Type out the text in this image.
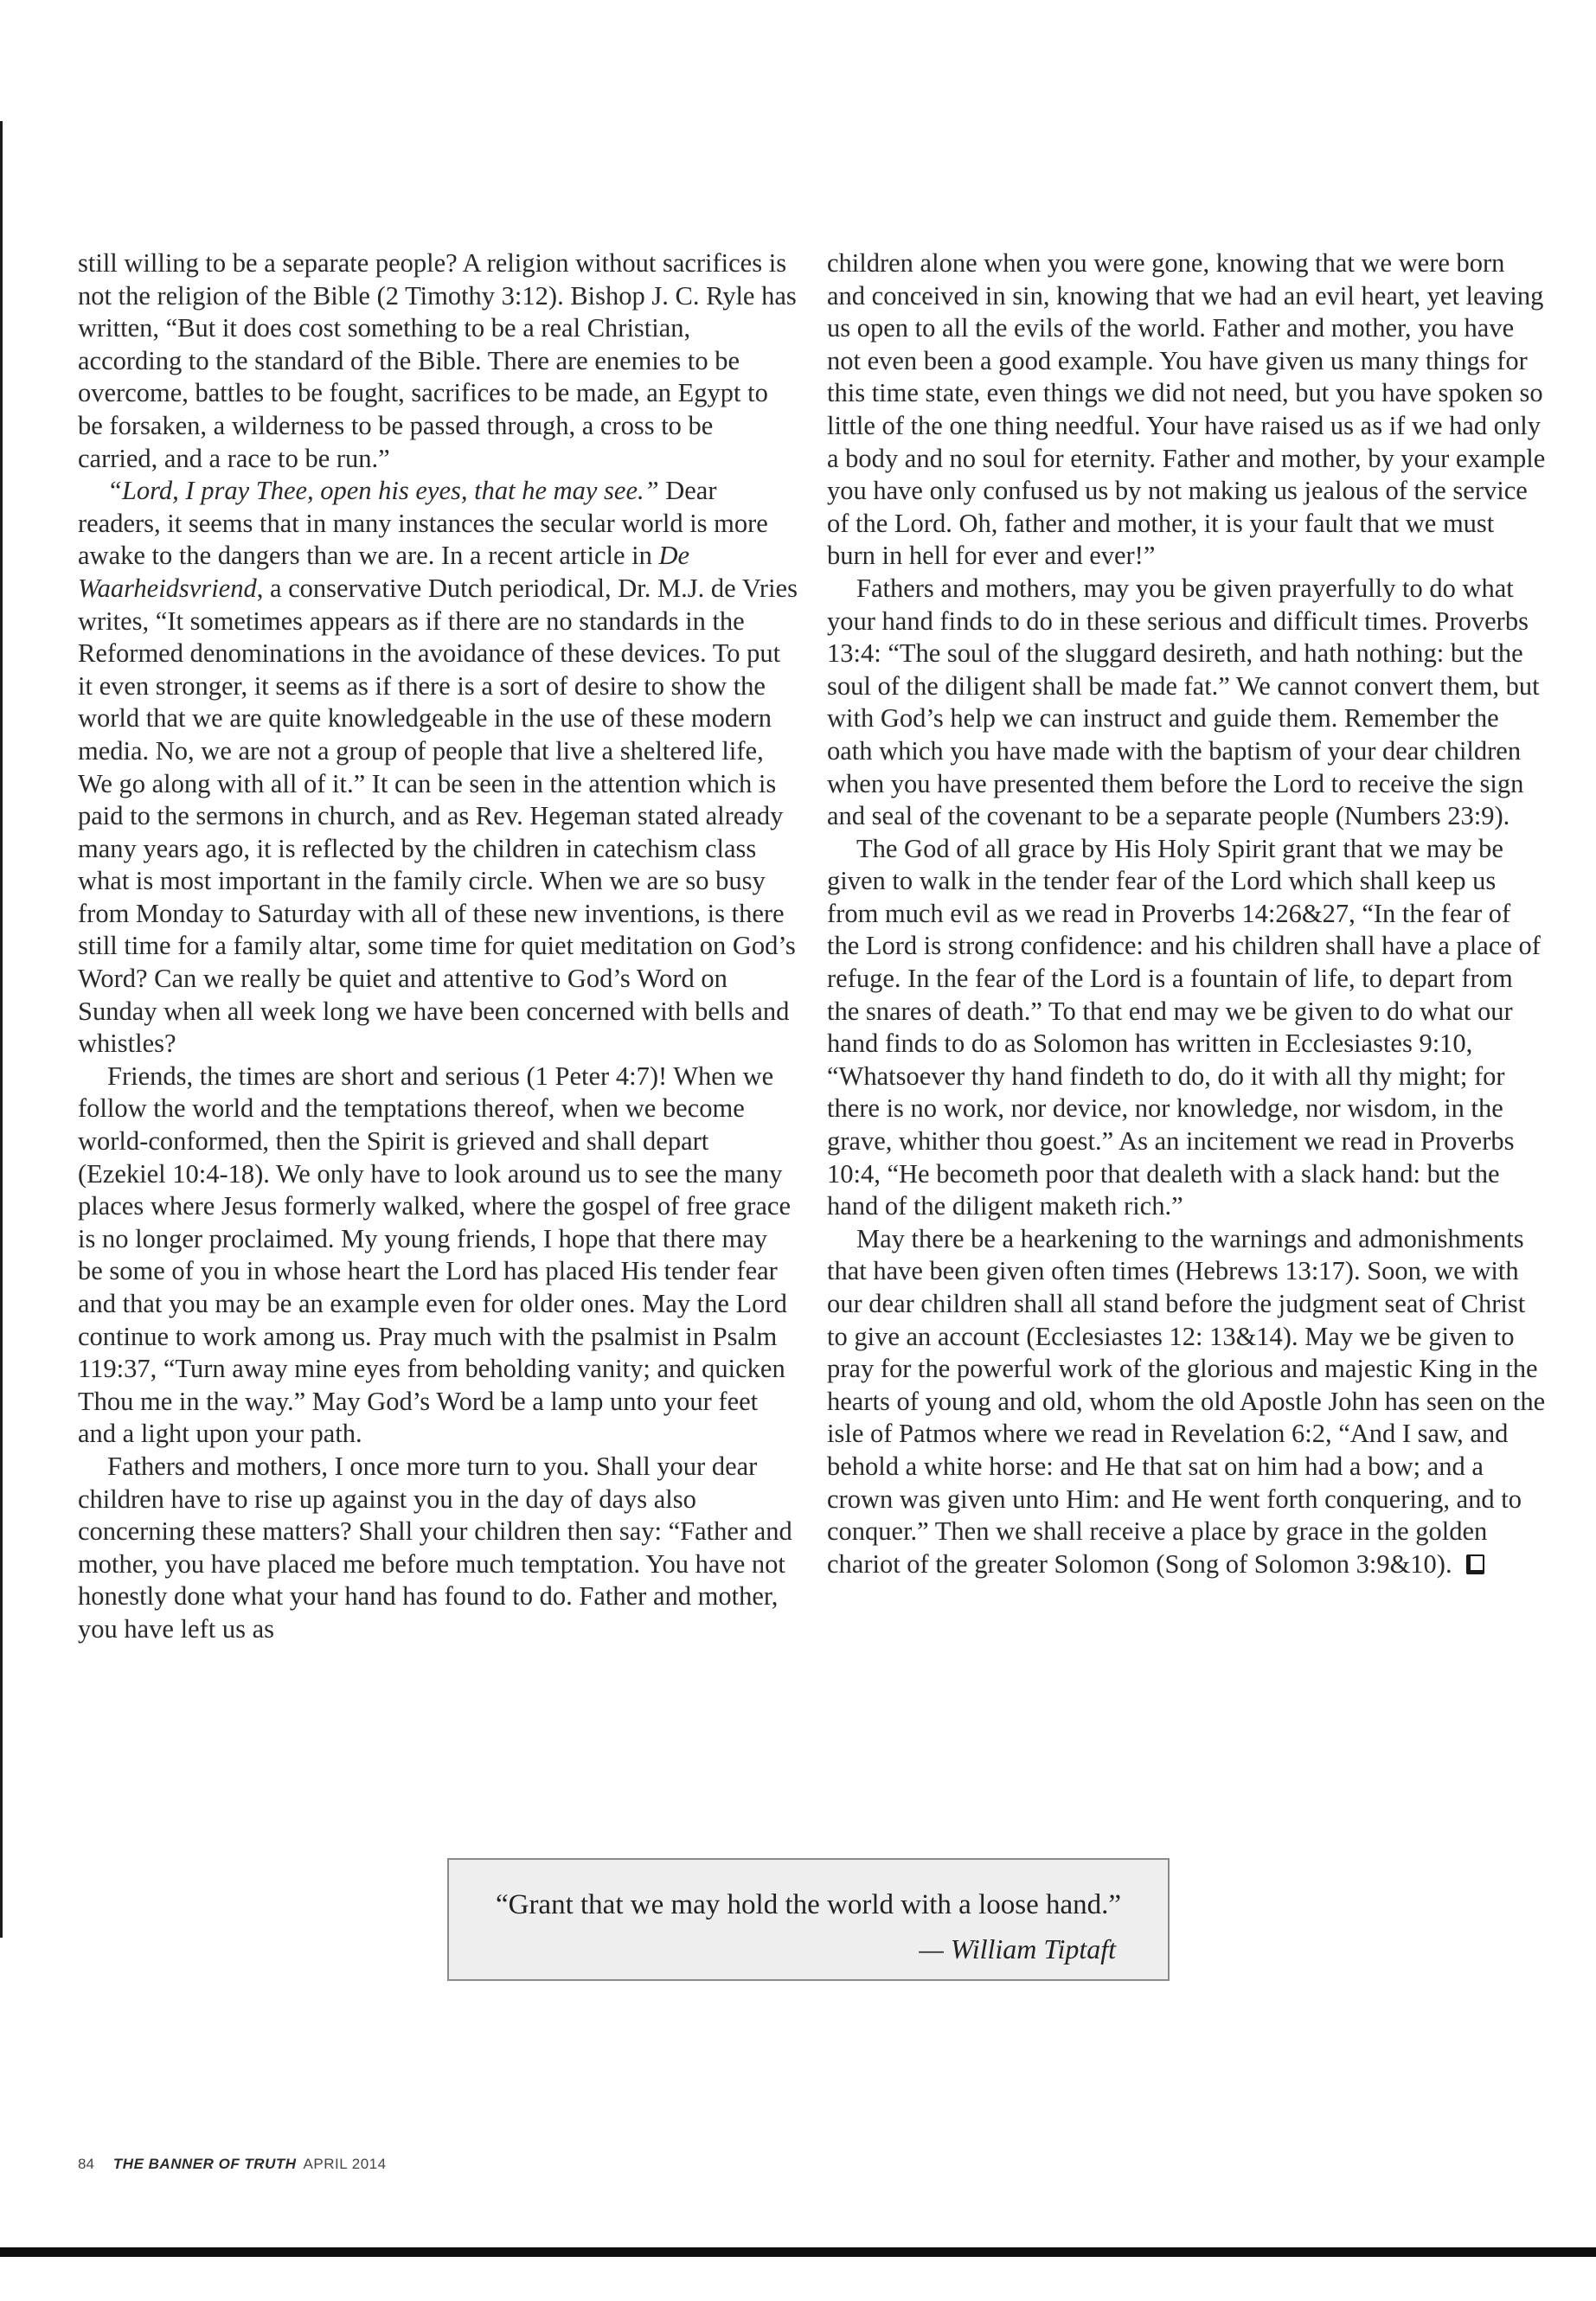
still willing to be a separate people? A religion without sacrifices is not the religion of the Bible (2 Timothy 3:12). Bishop J. C. Ryle has written, “But it does cost something to be a real Christian, according to the standard of the Bible. There are enemies to be overcome, battles to be fought, sacrifices to be made, an Egypt to be forsaken, a wilderness to be passed through, a cross to be carried, and a race to be run.”

“Lord, I pray Thee, open his eyes, that he may see.” Dear readers, it seems that in many instances the secular world is more awake to the dangers than we are. In a recent article in De Waarheidsvriend, a conservative Dutch periodical, Dr. M.J. de Vries writes, “It sometimes appears as if there are no standards in the Reformed denominations in the avoidance of these devices. To put it even stronger, it seems as if there is a sort of desire to show the world that we are quite knowledgeable in the use of these modern media. No, we are not a group of people that live a sheltered life, We go along with all of it.” It can be seen in the attention which is paid to the sermons in church, and as Rev. Hegeman stated already many years ago, it is reflected by the children in catechism class what is most important in the family circle. When we are so busy from Monday to Saturday with all of these new inventions, is there still time for a family altar, some time for quiet meditation on God’s Word? Can we really be quiet and attentive to God’s Word on Sunday when all week long we have been concerned with bells and whistles?

Friends, the times are short and serious (1 Peter 4:7)! When we follow the world and the temptations thereof, when we become world-conformed, then the Spirit is grieved and shall depart (Ezekiel 10:4-18). We only have to look around us to see the many places where Jesus formerly walked, where the gospel of free grace is no longer proclaimed. My young friends, I hope that there may be some of you in whose heart the Lord has placed His tender fear and that you may be an example even for older ones. May the Lord continue to work among us. Pray much with the psalmist in Psalm 119:37, “Turn away mine eyes from beholding vanity; and quicken Thou me in the way.” May God’s Word be a lamp unto your feet and a light upon your path.

Fathers and mothers, I once more turn to you. Shall your dear children have to rise up against you in the day of days also concerning these matters? Shall your children then say: “Father and mother, you have placed me before much temptation. You have not honestly done what your hand has found to do. Father and mother, you have left us as

children alone when you were gone, knowing that we were born and conceived in sin, knowing that we had an evil heart, yet leaving us open to all the evils of the world. Father and mother, you have not even been a good example. You have given us many things for this time state, even things we did not need, but you have spoken so little of the one thing needful. Your have raised us as if we had only a body and no soul for eternity. Father and mother, by your example you have only confused us by not making us jealous of the service of the Lord. Oh, father and mother, it is your fault that we must burn in hell for ever and ever!”

Fathers and mothers, may you be given prayerfully to do what your hand finds to do in these serious and difficult times. Proverbs 13:4: “The soul of the sluggard desireth, and hath nothing: but the soul of the diligent shall be made fat.” We cannot convert them, but with God’s help we can instruct and guide them. Remember the oath which you have made with the baptism of your dear children when you have presented them before the Lord to receive the sign and seal of the covenant to be a separate people (Numbers 23:9).

The God of all grace by His Holy Spirit grant that we may be given to walk in the tender fear of the Lord which shall keep us from much evil as we read in Proverbs 14:26&27, “In the fear of the Lord is strong confidence: and his children shall have a place of refuge. In the fear of the Lord is a fountain of life, to depart from the snares of death.” To that end may we be given to do what our hand finds to do as Solomon has written in Ecclesiastes 9:10, “Whatsoever thy hand findeth to do, do it with all thy might; for there is no work, nor device, nor knowledge, nor wisdom, in the grave, whither thou goest.” As an incitement we read in Proverbs 10:4, “He becometh poor that dealeth with a slack hand: but the hand of the diligent maketh rich.”

May there be a hearkening to the warnings and admonishments that have been given often times (Hebrews 13:17). Soon, we with our dear children shall all stand before the judgment seat of Christ to give an account (Ecclesiastes 12: 13&14). May we be given to pray for the powerful work of the glorious and majestic King in the hearts of young and old, whom the old Apostle John has seen on the isle of Patmos where we read in Revelation 6:2, “And I saw, and behold a white horse: and He that sat on him had a bow; and a crown was given unto Him: and He went forth conquering, and to conquer.” Then we shall receive a place by grace in the golden chariot of the greater Solomon (Song of Solomon 3:9&10).

“Grant that we may hold the world with a loose hand.”
— William Tiptaft
84 THE BANNER OF TRUTH APRIL 2014
